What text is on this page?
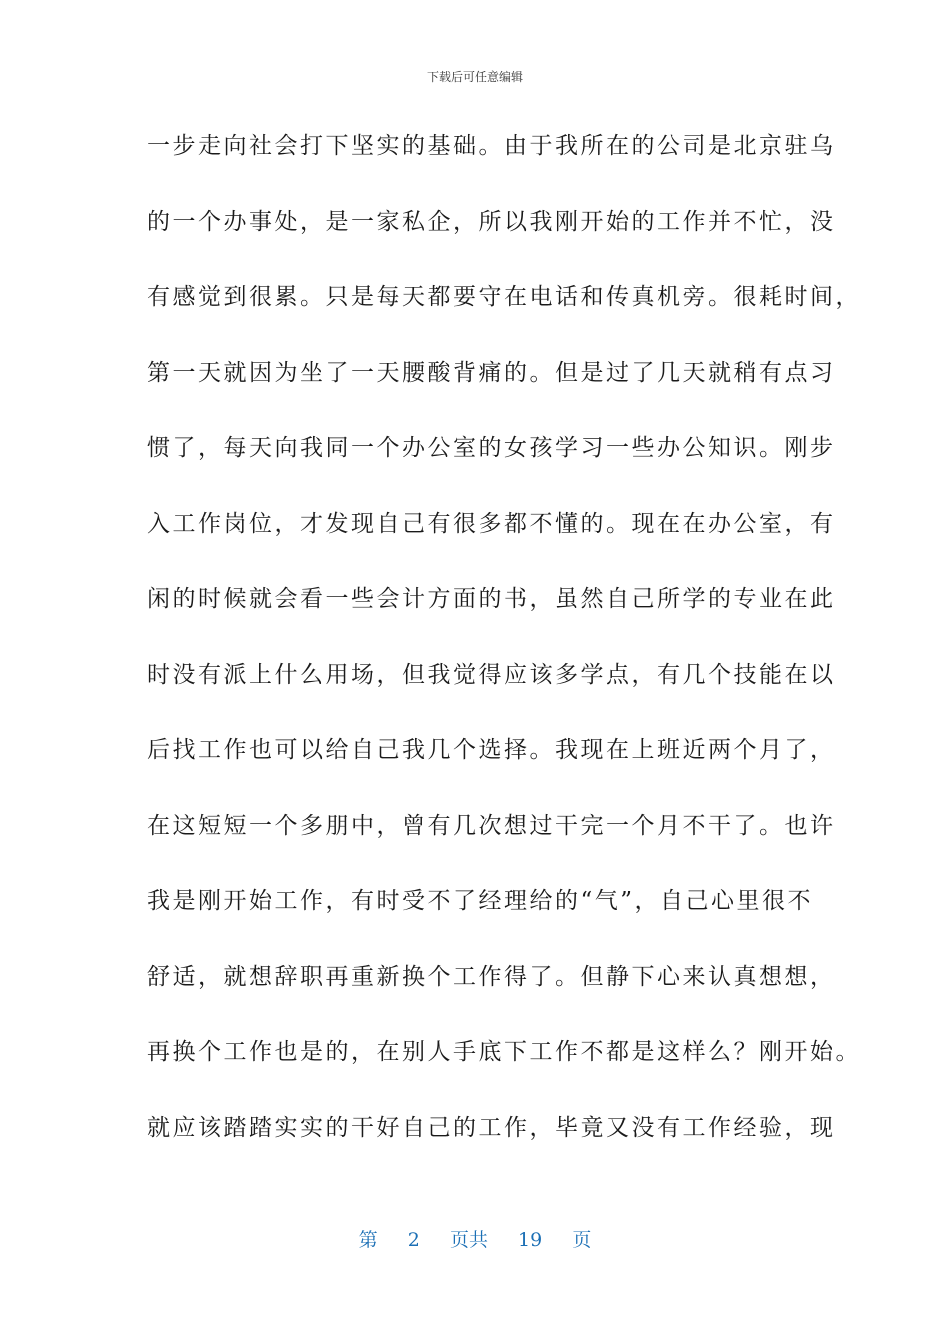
下载后可任意编辑
一步走向社会打下坚实的基础。由于我所在的公司是北京驻乌
的一个办事处，是一家私企，所以我刚开始的工作并不忙，没
有感觉到很累。只是每天都要守在电话和传真机旁。很耗时间，
第一天就因为坐了一天腰酸背痛的。但是过了几天就稍有点习
惯了，每天向我同一个办公室的女孩学习一些办公知识。刚步
入工作岗位，才发现自己有很多都不懂的。现在在办公室，有
闲的时候就会看一些会计方面的书，虽然自己所学的专业在此
时没有派上什么用场，但我觉得应该多学点，有几个技能在以
后找工作也可以给自己我几个选择。我现在上班近两个月了，
在这短短一个多朋中，曾有几次想过干完一个月不干了。也许
我是刚开始工作，有时受不了经理给的“气”，自己心里很不
舒适，就想辞职再重新换个工作得了。但静下心来认真想想，
再换个工作也是的，在别人手底下工作不都是这样么？刚开始。
就应该踏踏实实的干好自己的工作，毕竟又没有工作经验，现
第 2 页共 19 页
